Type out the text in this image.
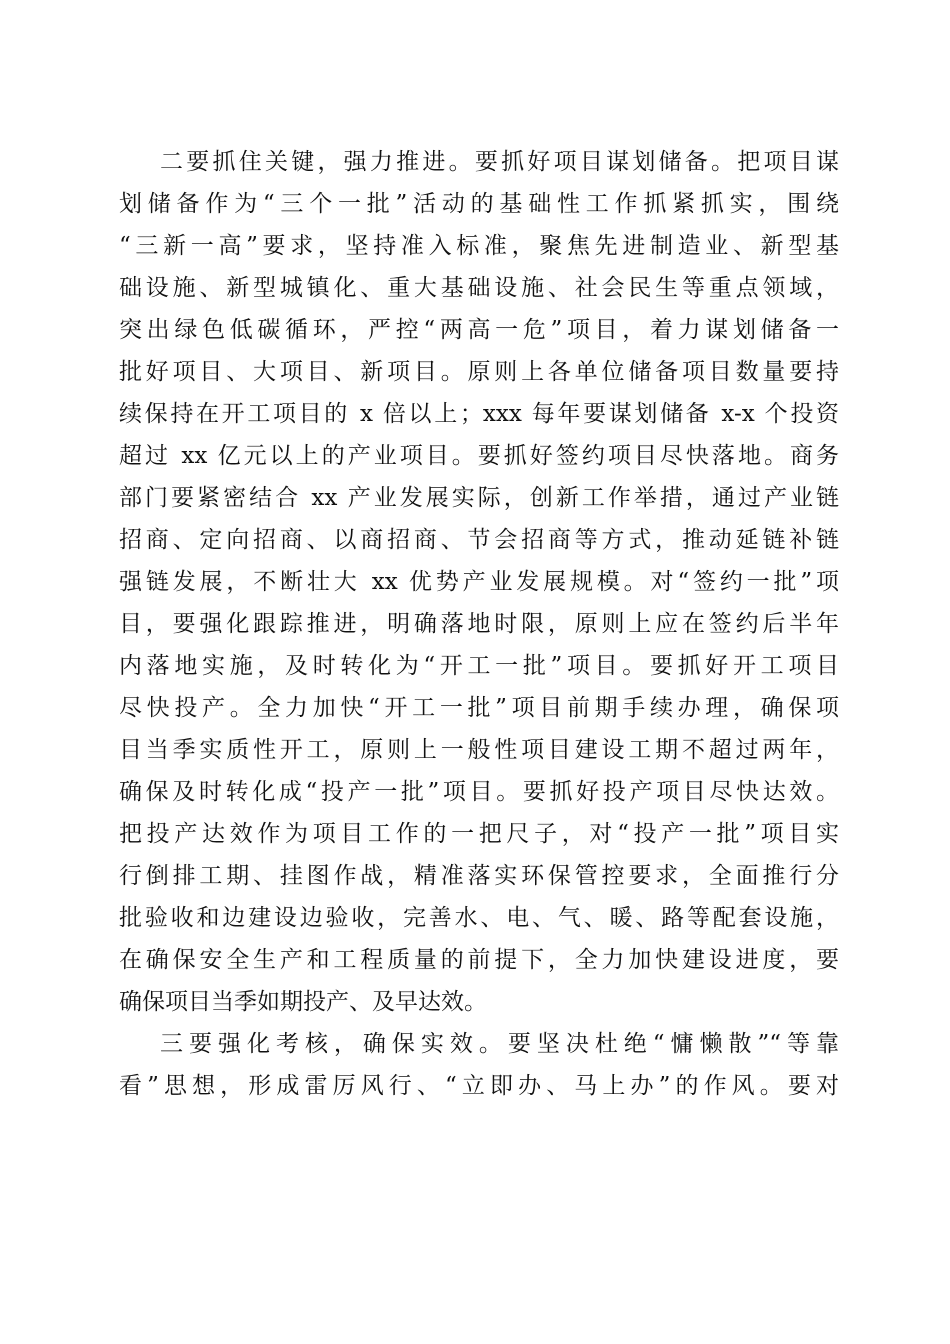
二要抓住关键，强力推进。要抓好项目谋划储备。把项目谋
划储备作为“三个一批”活动的基础性工作抓紧抓实，围绕
“三新一高”要求，坚持准入标准，聚焦先进制造业、新型基
础设施、新型城镇化、重大基础设施、社会民生等重点领域，
突出绿色低碳循环，严控“两高一危”项目，着力谋划储备一
批好项目、大项目、新项目。原则上各单位储备项目数量要持
续保持在开工项目的 x 倍以上；xxx 每年要谋划储备 x-x 个投资
超过 xx 亿元以上的产业项目。要抓好签约项目尽快落地。商务
部门要紧密结合 xx 产业发展实际，创新工作举措，通过产业链
招商、定向招商、以商招商、节会招商等方式，推动延链补链
强链发展，不断壮大 xx 优势产业发展规模。对“签约一批”项
目，要强化跟踪推进，明确落地时限，原则上应在签约后半年
内落地实施，及时转化为“开工一批”项目。要抓好开工项目
尽快投产。全力加快“开工一批”项目前期手续办理，确保项
目当季实质性开工，原则上一般性项目建设工期不超过两年，
确保及时转化成“投产一批”项目。要抓好投产项目尽快达效。
把投产达效作为项目工作的一把尺子，对“投产一批”项目实
行倒排工期、挂图作战，精准落实环保管控要求，全面推行分
批验收和边建设边验收，完善水、电、气、暖、路等配套设施，
在确保安全生产和工程质量的前提下，全力加快建设进度，要
确保项目当季如期投产、及早达效。
三要强化考核，确保实效。要坚决杜绝“慵懒散”“等靠
看”思想，形成雷厉风行、“立即办、马上办”的作风。要对
